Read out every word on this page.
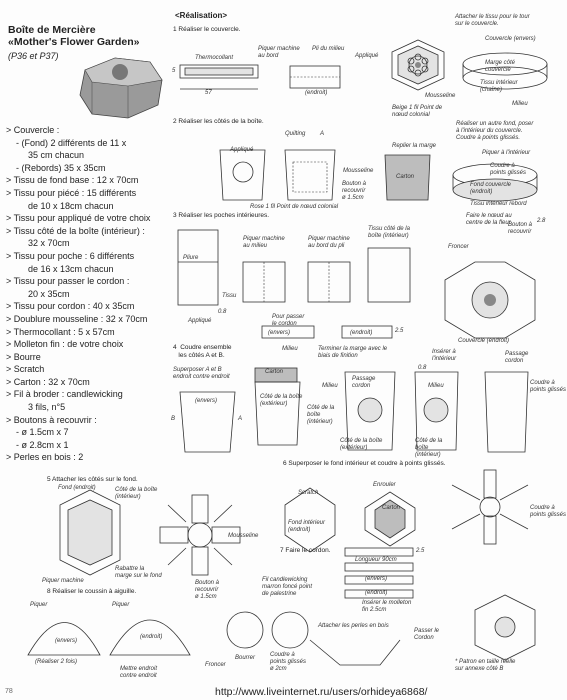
Boîte de Mercière
«Mother's Flower Garden»
(P36 et P37)
> Couvercle :
- (Fond) 2 différents de 11 x
35 cm chacun
- (Rebords) 35 x 35cm
> Tissu de fond base : 12 x 70cm
> Tissu pour piécé : 15 différents
de 10 x 18cm chacun
> Tissu pour appliqué de votre choix
> Tissu côté de la boîte (intérieur) :
32 x 70cm
> Tissu pour poche : 6 différents
de 16 x 13cm chacun
> Tissu pour passer le cordon :
20 x 35cm
> Tissu pour cordon : 40 x 35cm
> Doublure mousseline : 32 x 70cm
> Thermocollant : 5 x 57cm
> Molleton fin : de votre choix
> Bourre
> Scratch
> Carton : 32 x 70cm
> Fil à broder : candlewicking
3 fils, n°5
> Boutons à recouvrir :
- ø 1.5cm x 7
- ø 2.8cm x 1
> Perles en bois : 2
78	http://www.liveinternet.ru/users/orhideya6868/
<Réalisation>
1 Réaliser le couvercle.
2 Réaliser les côtés de la boîte.
3 Réaliser les poches intérieures.
4  Coudre ensemble
les côtés A et B.
5 Attacher les côtés sur le fond.
6 Superposer le fond intérieur et coudre à points glissés.
7 Faire le cordon.
8 Réaliser le coussin à aiguille.
Thermocollant
Piquer machine
au bord
Pli du milieu
Appliqué
(endroit)
57
5
Mousseline
Beige 1 fil Point de
nœud colonial
Rose 1 fil Point de nœud colonial
Attacher le tissu pour le tour
sur le couvercle.
Couvercle (envers)
Marge côté
couvercle
Tissu intérieur
(chaîne)
Milieu
Réaliser un autre fond, poser
à l'intérieur du couvercle.
Coudre à points glissés.
Piquer à l'intérieur
Coudre à
points glissés
Fond couvercle
(endroit)
Tissu intérieur rebord
Appliqué
Quilting A
Mousseline
Bouton à
recouvrir
ø 1.5cm
Replier la marge
Carton
Faire le nœud au
centre de la fleur
Froncer
Bouton à
recouvrir
2.8
Couvercle (endroit)
Pliure
Tissu
Appliqué
0.8
Piquer machine
au milieu
Piquer machine
au bord du pli
Tissu côté de la
boîte (intérieur)
Pour passer
le cordon
(envers)	(endroit)	2.5
Terminer la marge avec le
biais de finition
Milieu
Superposer A et B
endroit contre endroit
(envers)
B	A
Carton
Côté de la boîte
(extérieur)
Côté de la
boîte
(intérieur)
Milieu
Passage
cordon
Côté de la boîte
(extérieur)
Milieu
Insérer à
l'intérieur
0.8
Passage
cordon
Côté de la
boîte
(intérieur)
Coudre à
points glissés
Fond (endroit)	Côté de la boîte
(intérieur)
Piquer machine
Rabattre la
marge sur le fond
Mousseline
Scratch
Fond intérieur
(endroit)
Enrouler
Carton	Coudre à
points glissés
2.5
Longueur 90cm
(envers)
(endroit)
Insérer le molleton
fin 2.5cm
Bouton à
recouvrir
ø 1.5cm
Fil candlewicking
marron foncé point
de palestrine
Piquer	Piquer
(envers)
(endroit)
(Réaliser 2 fois)
Mettre endroit
contre endroit
Froncer
Bourrer Coudre à
points glissés
ø 2cm
Attacher les perles en bois
Passer le
Cordon
* Patron en taille réelle
sur annexe côté B
